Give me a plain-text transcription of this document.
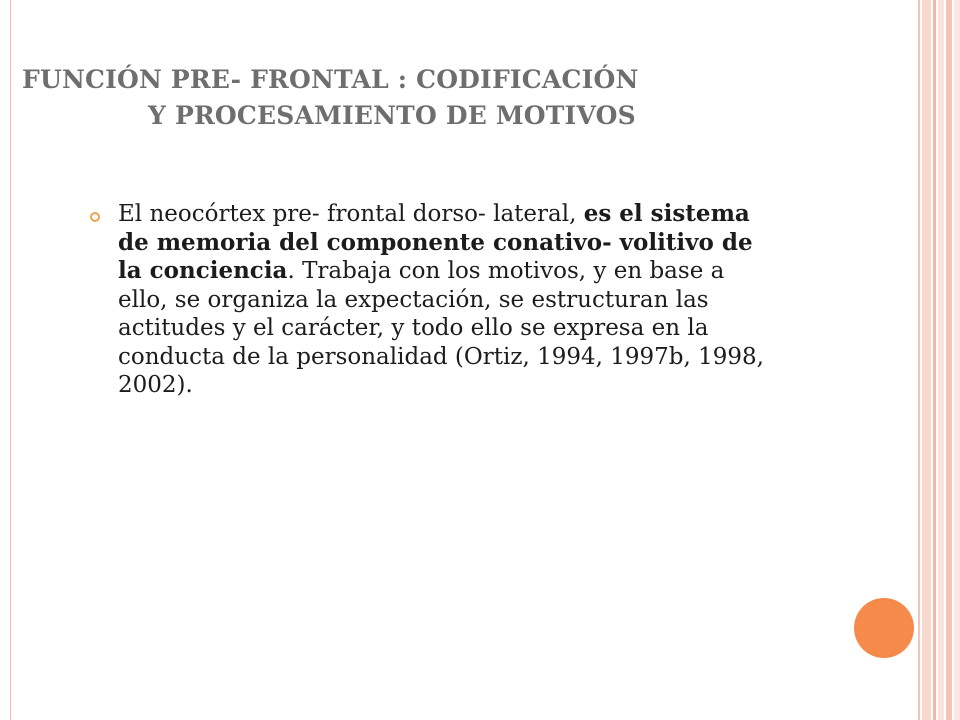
FUNCIÓN PRE- FRONTAL : CODIFICACIÓN
Y PROCESAMIENTO DE MOTIVOS
El neocórtex pre- frontal dorso- lateral, es el sistema de memoria del componente conativo- volitivo de la conciencia. Trabaja con los motivos, y en base a ello, se organiza la expectación, se estructuran las actitudes y el carácter, y todo ello se expresa en la conducta de la personalidad (Ortiz, 1994, 1997b, 1998, 2002).
